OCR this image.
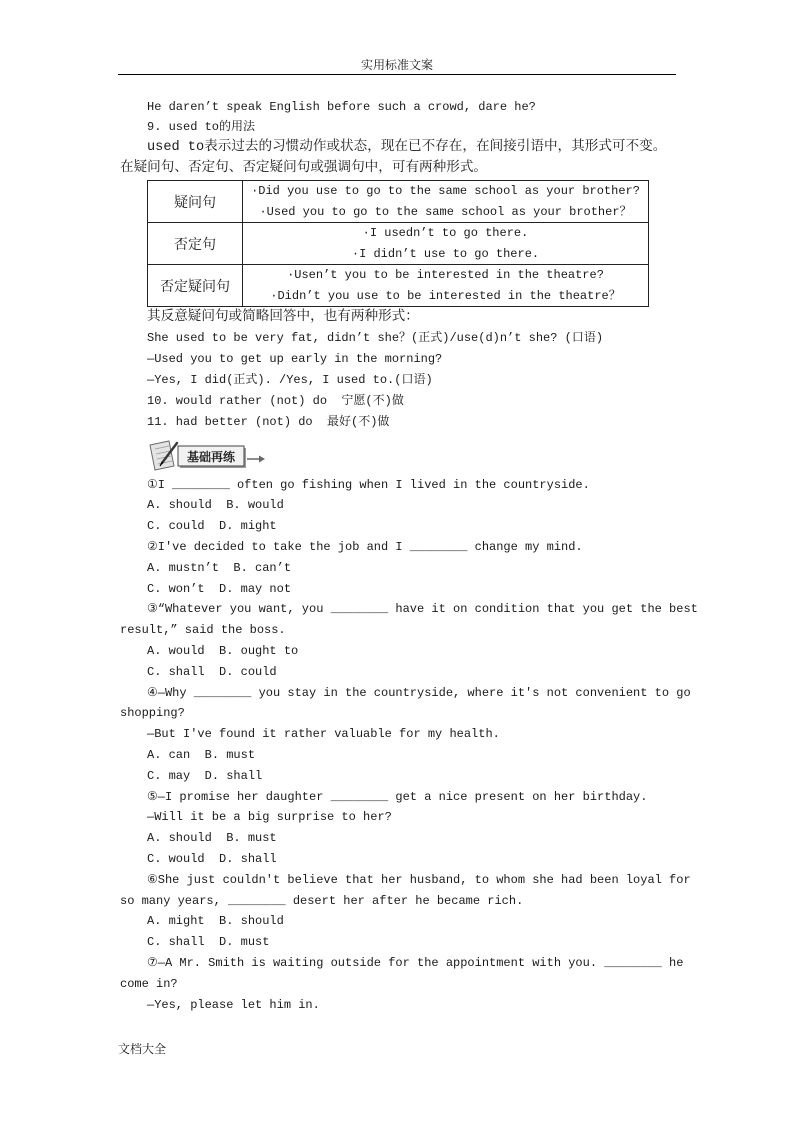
实用标准文案
He daren’t speak English before such a crowd, dare he?
9. used to的用法
used to表示过去的习惯动作或状态，现在已不存在，在间接引语中，其形式可不变。
在疑问句、否定句、否定疑问句或强调句中，可有两种形式。
疑问句
·Did you use to go to the same school as your brother?
·Used you to go to the same school as your brother？
否定句
·I usedn’t to go there.
·I didn’t use to go there.
否定疑问句
·Usen’t you to be interested in the theatre?
·Didn’t you use to be interested in the theatre？
其反意疑问句或简略回答中，也有两种形式：
She used to be very fat, didn’t she？(正式)/use(d)n’t she? (口语)
—Used you to get up early in the morning?
—Yes, I did(正式). /Yes, I used to.(口语)
10. would rather (not) do  宁愿(不)做
11. had better (not) do  最好(不)做
基础再练
①I ________ often go fishing when I lived in the countryside.
A. should B. would
C. could D. might
②I've decided to take the job and I ________ change my mind.
A. mustn’t B. can’t
C. won’t D. may not
③“Whatever you want, you ________ have it on condition that you get the best
result,” said the boss.
A. would B. ought to
C. shall D. could
④—Why ________ you stay in the countryside, where it's not convenient to go
shopping?
—But I've found it rather valuable for my health.
A. can B. must
C. may D. shall
⑤—I promise her daughter ________ get a nice present on her birthday.
—Will it be a big surprise to her?
A. should B. must
C. would D. shall
⑥She just couldn't believe that her husband, to whom she had been loyal for
so many years, ________ desert her after he became rich.
A. might B. should
C. shall D. must
⑦—A Mr. Smith is waiting outside for the appointment with you. ________ he
come in?
—Yes, please let him in.
文档大全
